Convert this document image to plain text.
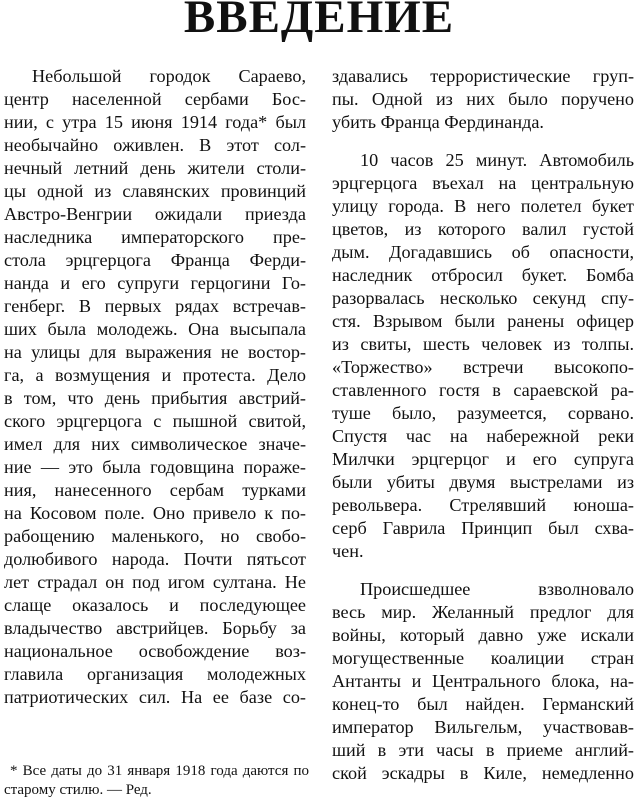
ВВЕДЕНИЕ
Небольшой городок Сараево,
центр населенной сербами Бос-
нии, с утра 15 июня 1914 года* был
необычайно оживлен. В этот сол-
нечный летний день жители столи-
цы одной из славянских провинций
Австро-Венгрии ожидали приезда
наследника императорского пре-
стола эрцгерцога Франца Ферди-
нанда и его супруги герцогини Го-
генберг. В первых рядах встречав-
ших была молодежь. Она высыпала
на улицы для выражения не востор-
га, а возмущения и протеста. Дело
в том, что день прибытия австрий-
ского эрцгерцога с пышной свитой,
имел для них символическое значе-
ние — это была годовщина пораже-
ния, нанесенного сербам турками
на Косовом поле. Оно привело к по-
рабощению маленького, но свобо-
долюбивого народа. Почти пятьсот
лет страдал он под игом султана. Не
слаще оказалось и последующее
владычество австрийцев. Борьбу за
национальное освобождение воз-
главила организация молодежных
патриотических сил. На ее базе со-
здавались террористические груп-
пы. Одной из них было поручено
убить Франца Фердинанда.
10 часов 25 минут. Автомобиль
эрцгерцога въехал на центральную
улицу города. В него полетел букет
цветов, из которого валил густой
дым. Догадавшись об опасности,
наследник отбросил букет. Бомба
разорвалась несколько секунд спу-
стя. Взрывом были ранены офицер
из свиты, шесть человек из толпы.
«Торжество» встречи высокопо-
ставленного гостя в сараевской ра-
туше было, разумеется, сорвано.
Спустя час на набережной реки
Милчки эрцгерцог и его супруга
были убиты двумя выстрелами из
револьвера. Стрелявший юноша-
серб Гаврила Принцип был схва-
чен.
Происшедшее взволновало
весь мир. Желанный предлог для
войны, который давно уже искали
могущественные коалиции стран
Антанты и Центрального блока, на-
конец-то был найден. Германский
император Вильгельм, участвовав-
ший в эти часы в приеме англий-
ской эскадры в Киле, немедленно
* Все даты до 31 января 1918 года даются по
старому стилю. — Ред.
